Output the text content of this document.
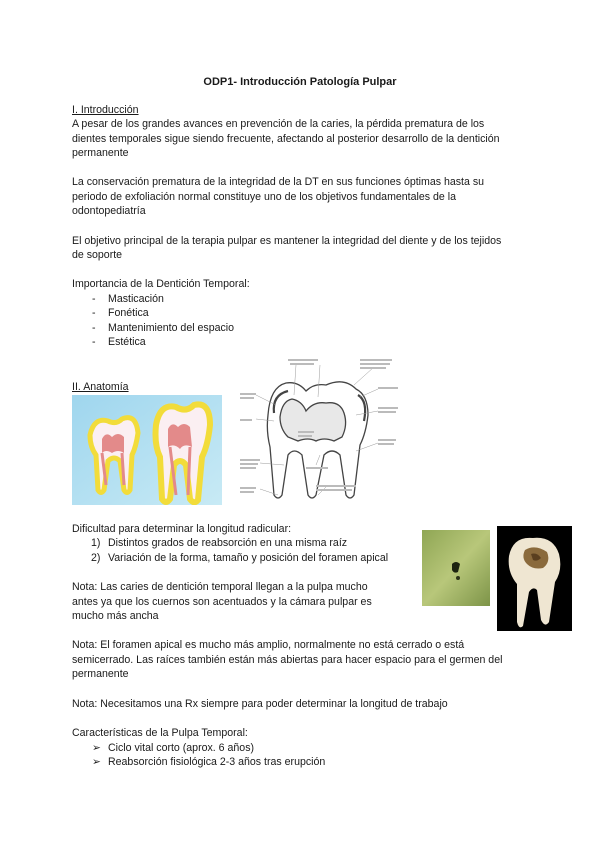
ODP1- Introducción Patología Pulpar
I. Introducción
A pesar de los grandes avances en prevención de la caries, la pérdida prematura de los
dientes temporales sigue siendo frecuente, afectando al posterior desarrollo de la dentición
permanente
La conservación prematura de la integridad de la DT en sus funciones óptimas hasta su
periodo de exfoliación normal constituye uno de los objetivos fundamentales de la
odontopediatría
El objetivo principal de la terapia pulpar es mantener la integridad del diente y de los tejidos
de soporte
Importancia de la Dentición Temporal:
- Masticación
- Fonética
- Mantenimiento del espacio
- Estética
II. Anatomía
Dificultad para determinar la longitud radicular:
1) Distintos grados de reabsorción en una misma raíz
2) Variación de la forma, tamaño y posición del foramen apical
Nota: Las caries de dentición temporal llegan a la pulpa mucho
antes ya que los cuernos son acentuados y la cámara pulpar es
mucho más ancha
Nota: El foramen apical es mucho más amplio, normalmente no está cerrado o está
semicerrado. Las raíces también están más abiertas para hacer espacio para el germen del
permanente
Nota: Necesitamos una Rx siempre para poder determinar la longitud de trabajo
Características de la Pulpa Temporal:
➢ Ciclo vital corto (aprox. 6 años)
➢ Reabsorción fisiológica 2-3 años tras erupción
